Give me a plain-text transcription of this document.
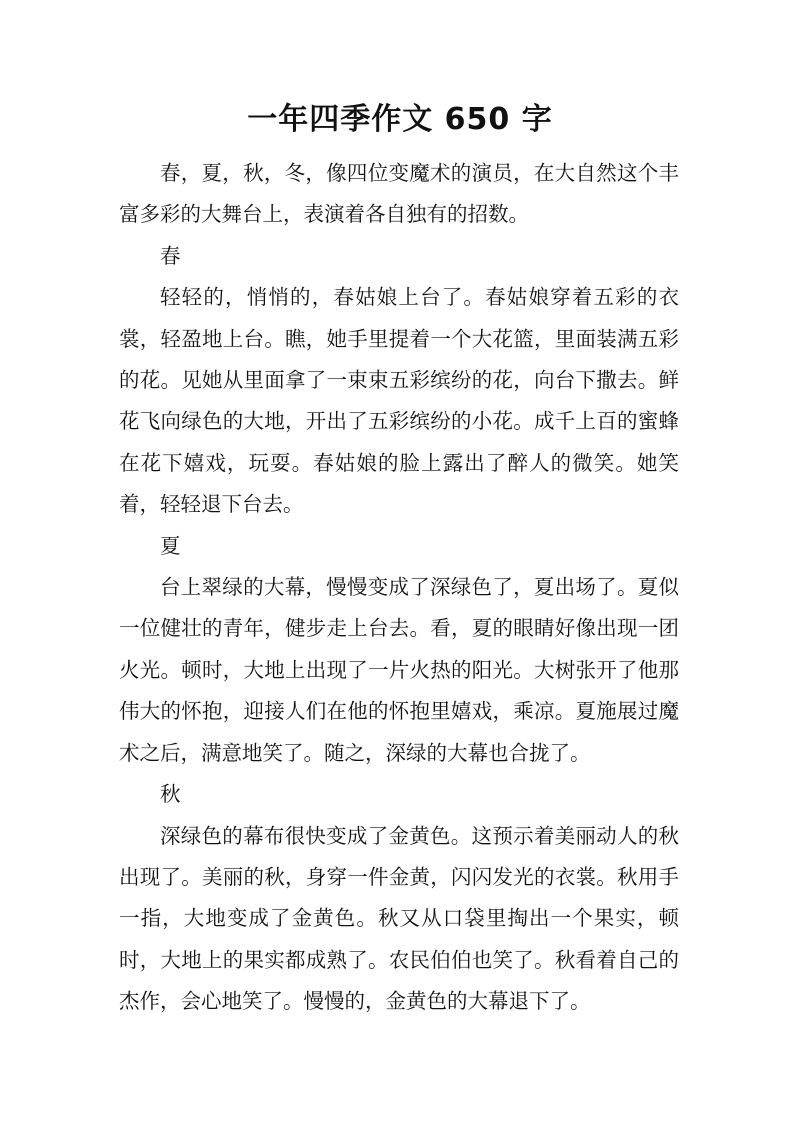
一年四季作文 650 字

春，夏，秋，冬，像四位变魔术的演员，在大自然这个丰富多彩的大舞台上，表演着各自独有的招数。

春

轻轻的，悄悄的，春姑娘上台了。春姑娘穿着五彩的衣裳，轻盈地上台。瞧，她手里提着一个大花篮，里面装满五彩的花。见她从里面拿了一束束五彩缤纷的花，向台下撒去。鲜花飞向绿色的大地，开出了五彩缤纷的小花。成千上百的蜜蜂在花下嬉戏，玩耍。春姑娘的脸上露出了醉人的微笑。她笑着，轻轻退下台去。

夏

台上翠绿的大幕，慢慢变成了深绿色了，夏出场了。夏似一位健壮的青年，健步走上台去。看，夏的眼睛好像出现一团火光。顿时，大地上出现了一片火热的阳光。大树张开了他那伟大的怀抱，迎接人们在他的怀抱里嬉戏，乘凉。夏施展过魔术之后，满意地笑了。随之，深绿的大幕也合拢了。

秋

深绿色的幕布很快变成了金黄色。这预示着美丽动人的秋出现了。美丽的秋，身穿一件金黄，闪闪发光的衣裳。秋用手一指，大地变成了金黄色。秋又从口袋里掏出一个果实，顿时，大地上的果实都成熟了。农民伯伯也笑了。秋看着自己的杰作，会心地笑了。慢慢的，金黄色的大幕退下了。
